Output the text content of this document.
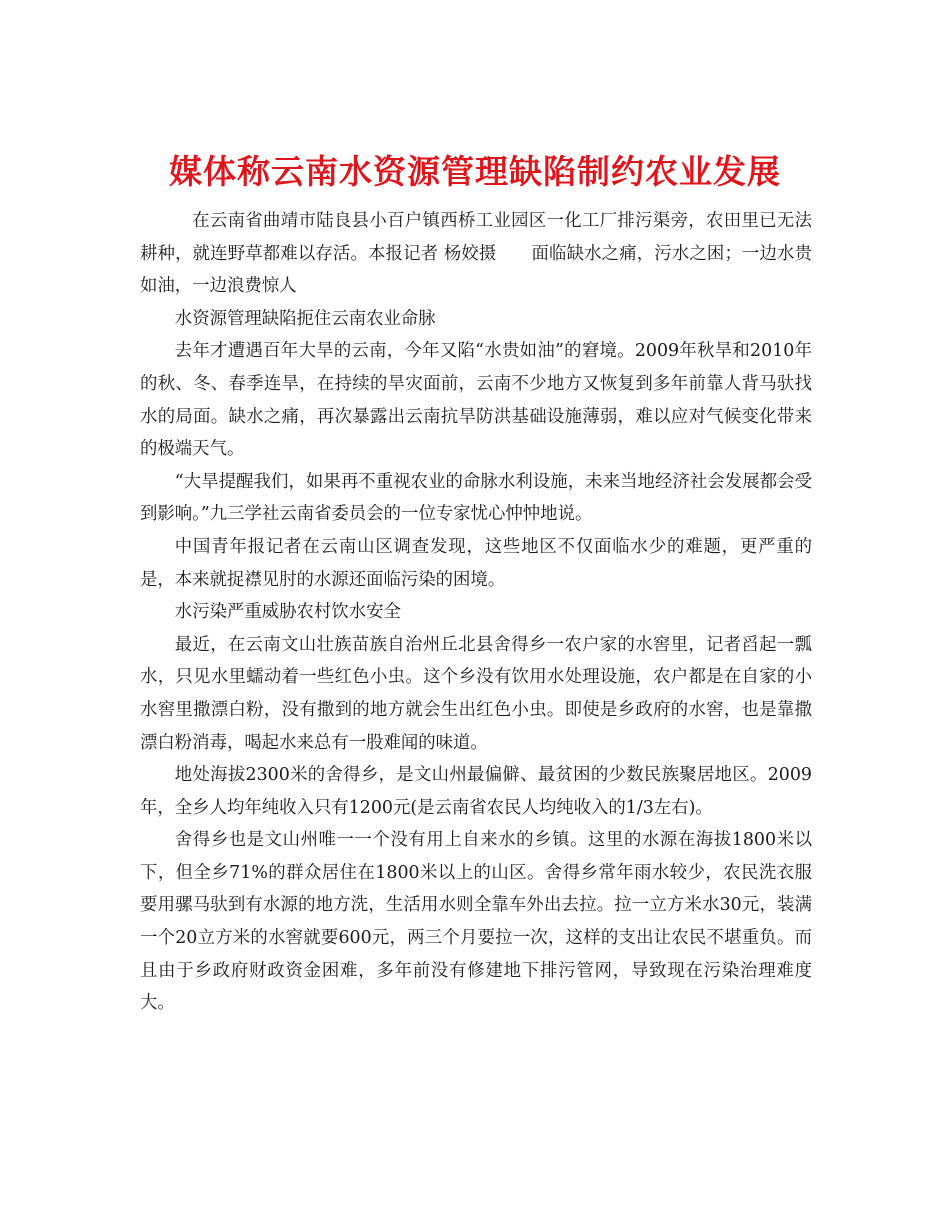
媒体称云南水资源管理缺陷制约农业发展

在云南省曲靖市陆良县小百户镇西桥工业园区一化工厂排污渠旁，农田里已无法耕种，就连野草都难以存活。本报记者 杨姣摄　　面临缺水之痛，污水之困；一边水贵如油，一边浪费惊人

水资源管理缺陷扼住云南农业命脉

去年才遭遇百年大旱的云南，今年又陷“水贵如油”的窘境。2009年秋旱和2010年的秋、冬、春季连旱，在持续的旱灾面前，云南不少地方又恢复到多年前靠人背马驮找水的局面。缺水之痛，再次暴露出云南抗旱防洪基础设施薄弱，难以应对气候变化带来的极端天气。

“大旱提醒我们，如果再不重视农业的命脉水利设施，未来当地经济社会发展都会受到影响。”九三学社云南省委员会的一位专家忧心忡忡地说。

中国青年报记者在云南山区调查发现，这些地区不仅面临水少的难题，更严重的是，本来就捉襟见肘的水源还面临污染的困境。

水污染严重威胁农村饮水安全

最近，在云南文山壮族苗族自治州丘北县舍得乡一农户家的水窖里，记者舀起一瓢水，只见水里蠕动着一些红色小虫。这个乡没有饮用水处理设施，农户都是在自家的小水窖里撒漂白粉，没有撒到的地方就会生出红色小虫。即使是乡政府的水窖，也是靠撒漂白粉消毒，喝起水来总有一股难闻的味道。

地处海拔2300米的舍得乡，是文山州最偏僻、最贫困的少数民族聚居地区。2009年，全乡人均年纯收入只有1200元(是云南省农民人均纯收入的1/3左右)。

舍得乡也是文山州唯一一个没有用上自来水的乡镇。这里的水源在海拔1800米以下，但全乡71%的群众居住在1800米以上的山区。舍得乡常年雨水较少，农民洗衣服要用骡马驮到有水源的地方洗，生活用水则全靠车外出去拉。拉一立方米水30元，装满一个20立方米的水窖就要600元，两三个月要拉一次，这样的支出让农民不堪重负。而且由于乡政府财政资金困难，多年前没有修建地下排污管网，导致现在污染治理难度大。
